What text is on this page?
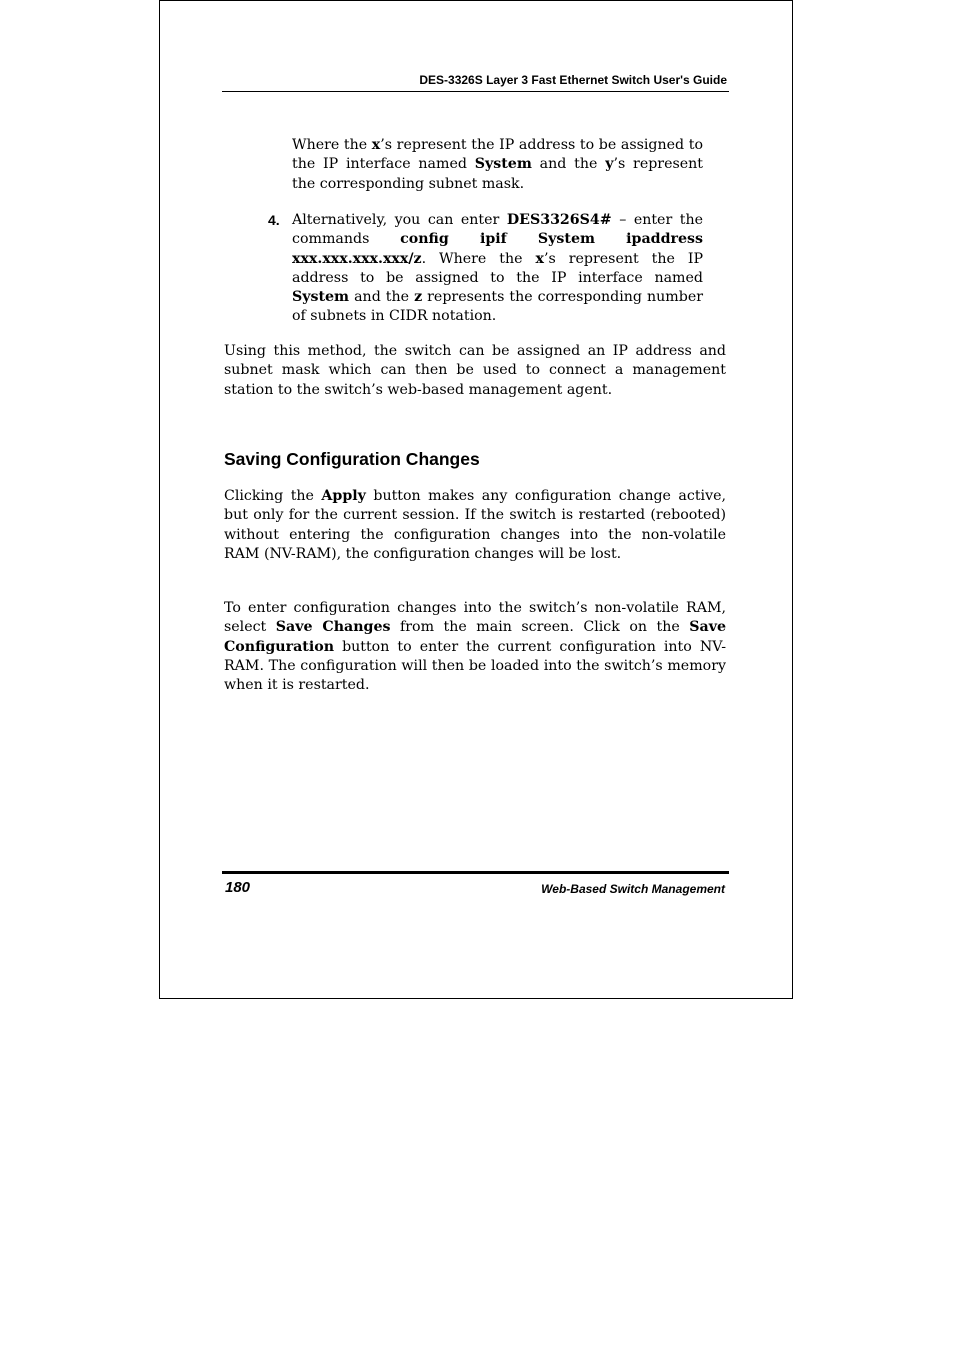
DES-3326S Layer 3 Fast Ethernet Switch User's Guide

Where the x’s represent the IP address to be assigned to the IP interface named System and the y’s represent the corresponding subnet mask.

4. Alternatively, you can enter DES3326S4# – enter the commands config ipif System ipaddress xxx.xxx.xxx.xxx/z. Where the x’s represent the IP address to be assigned to the IP interface named System and the z represents the corresponding number of subnets in CIDR notation.

Using this method, the switch can be assigned an IP address and subnet mask which can then be used to connect a management station to the switch’s web-based management agent.

Saving Configuration Changes

Clicking the Apply button makes any configuration change active, but only for the current session. If the switch is restarted (rebooted) without entering the configuration changes into the non-volatile RAM (NV-RAM), the configuration changes will be lost.

To enter configuration changes into the switch’s non-volatile RAM, select Save Changes from the main screen. Click on the Save Configuration button to enter the current configuration into NV-RAM. The configuration will then be loaded into the switch’s memory when it is restarted.

180	Web-Based Switch Management
